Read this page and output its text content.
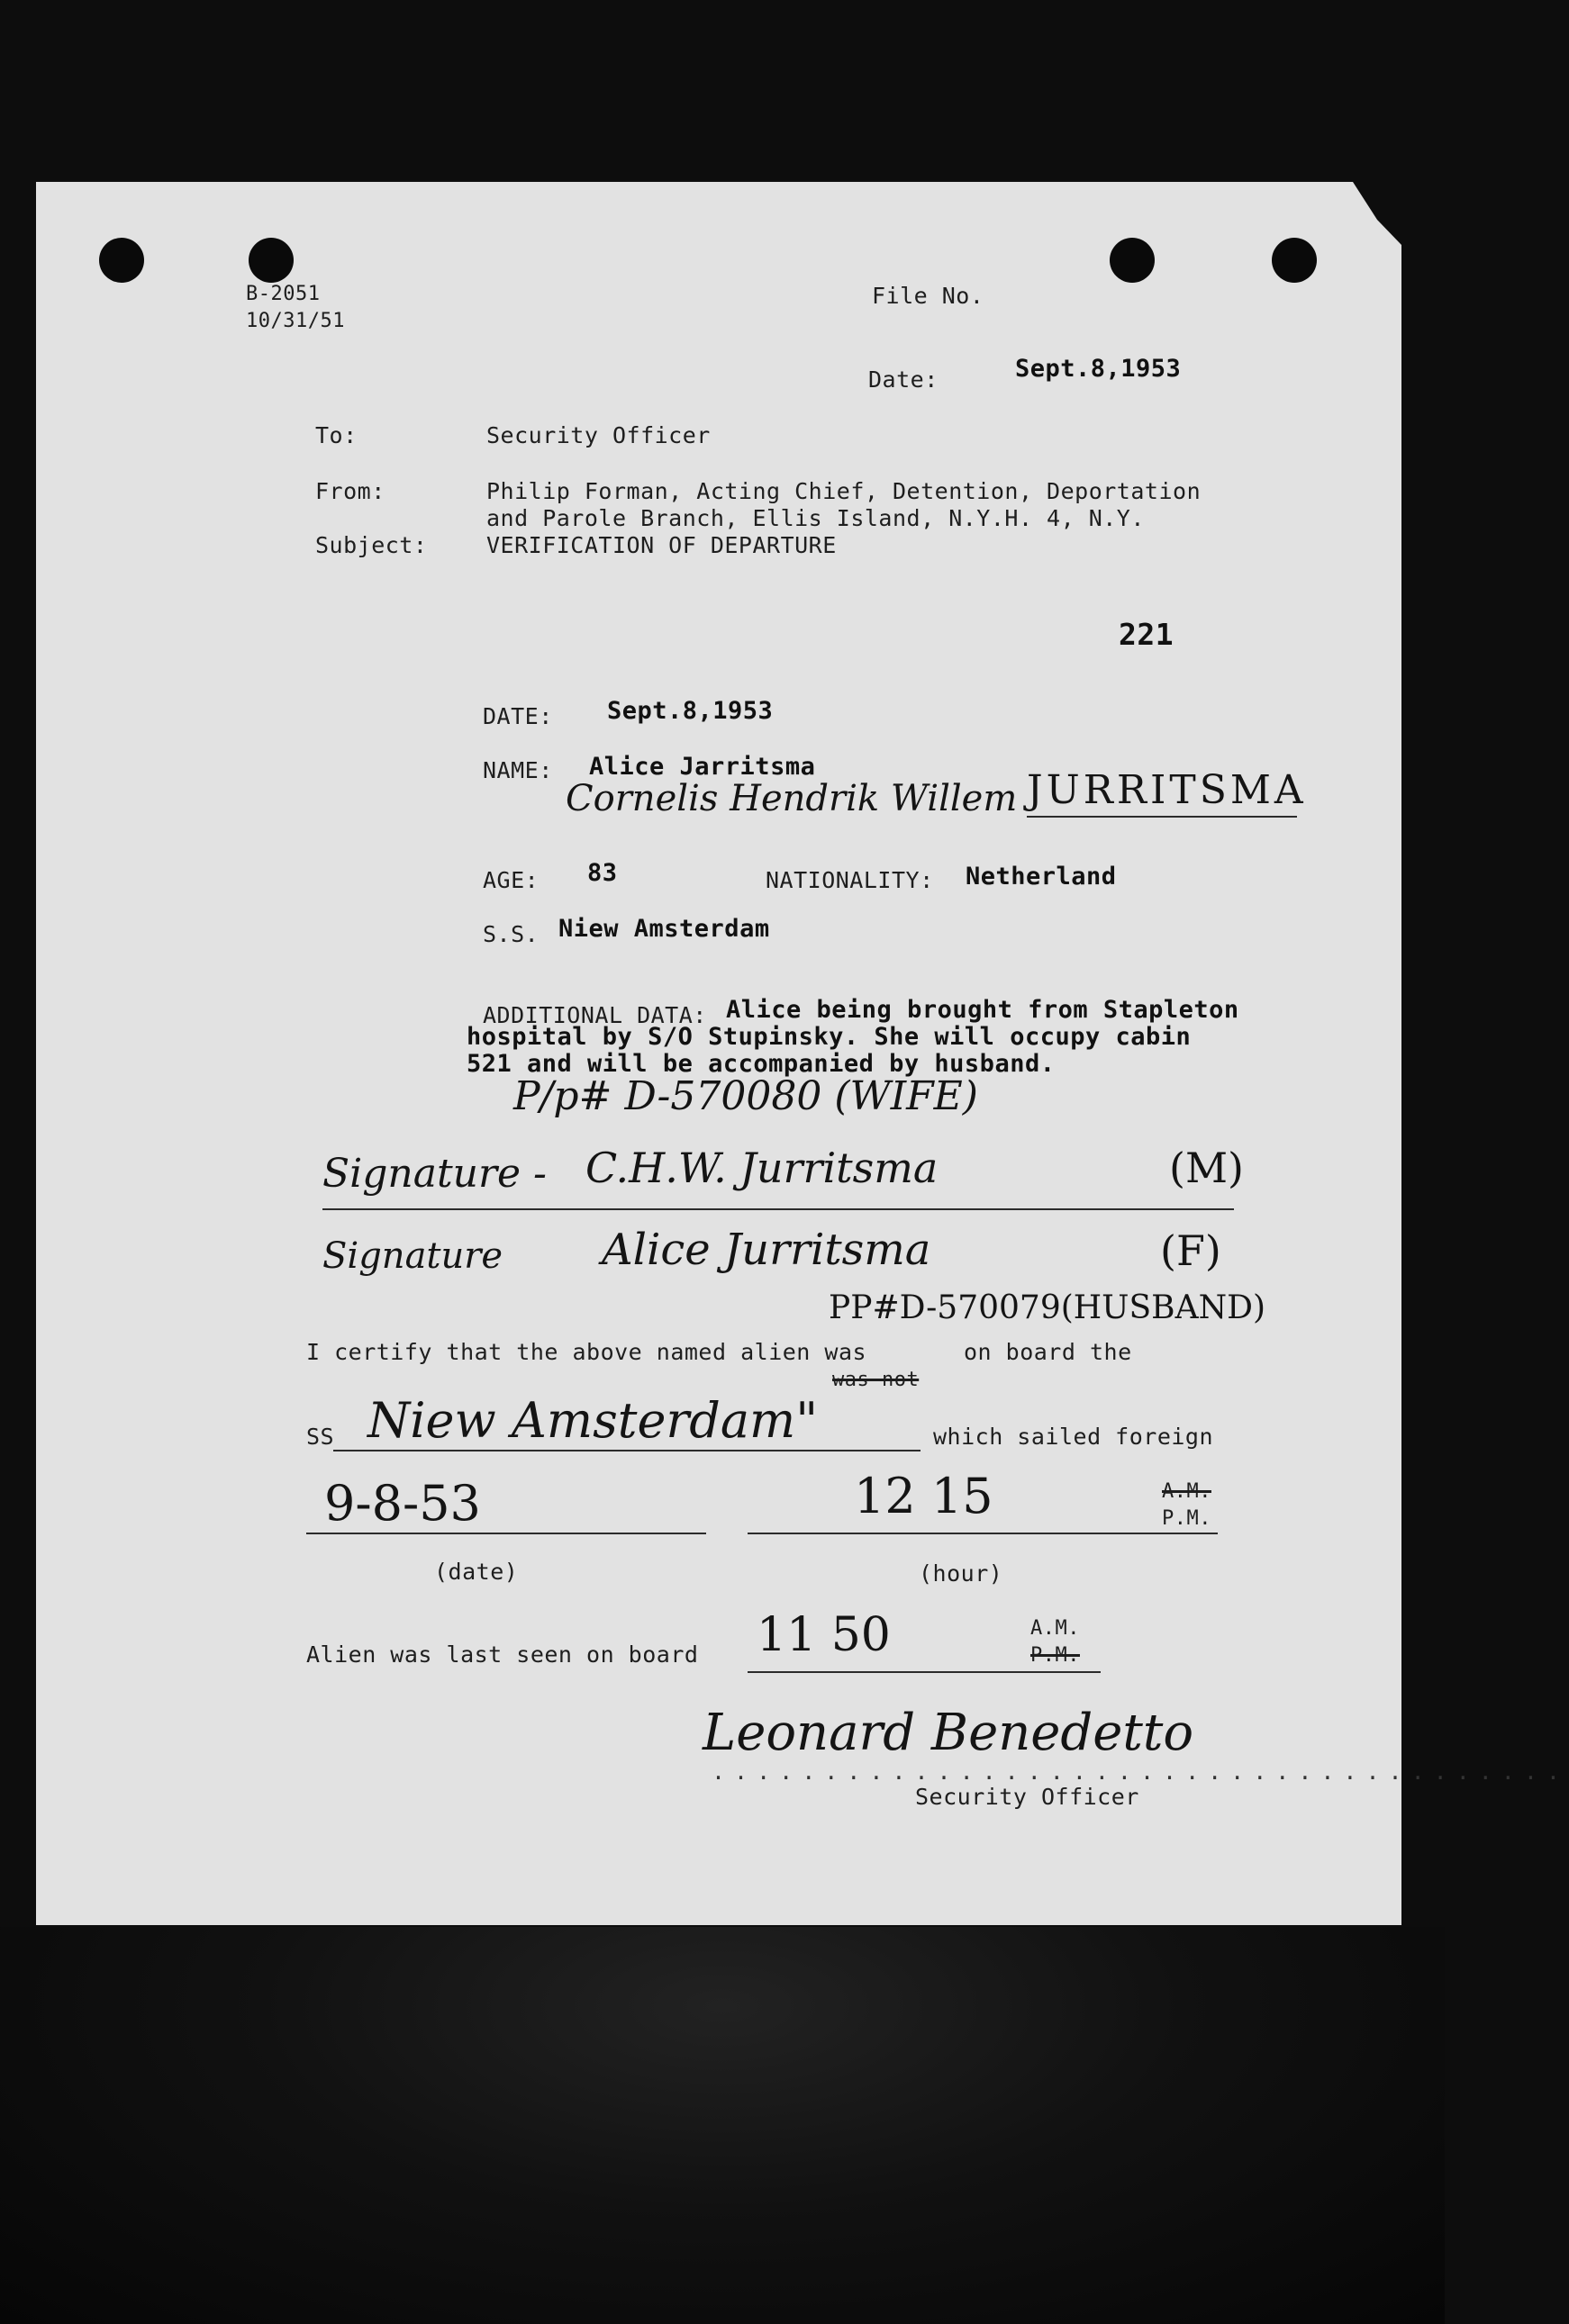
B-2051
10/31/51
File No.
Date:	Sept.8,1953
To:	Security Officer
From:	Philip Forman, Acting Chief, Detention, Deportation
and Parole Branch, Ellis Island, N.Y.H. 4, N.Y.
Subject:	VERIFICATION OF DEPARTURE
221
DATE: Sept.8,1953
NAME: Alice Jarritsma
Cornelis Hendrik Willem JURRITSMA
AGE: 83	NATIONALITY: Netherland
S.S. Niew Amsterdam
ADDITIONAL DATA: Alice being brought from Stapleton
hospital by S/O Stupinsky. She will occupy cabin
521 and will be accompanied by husband.
P/p# D-570080 (WIFE)
Signature - C.H.W. Jurritsma	(M)
Signature Alice Jurritsma	(F)
PP#D-570079(HUSBAND)
I certify that the above named alien was	on board the
was not
SS Niew Amsterdam"	which sailed foreign
9-8-53	12 15	A.M.
P.M.
(date)	(hour)
Alien was last seen on board 11 50	A.M.
P.M.
Leonard Benedetto
......................................
Security Officer
